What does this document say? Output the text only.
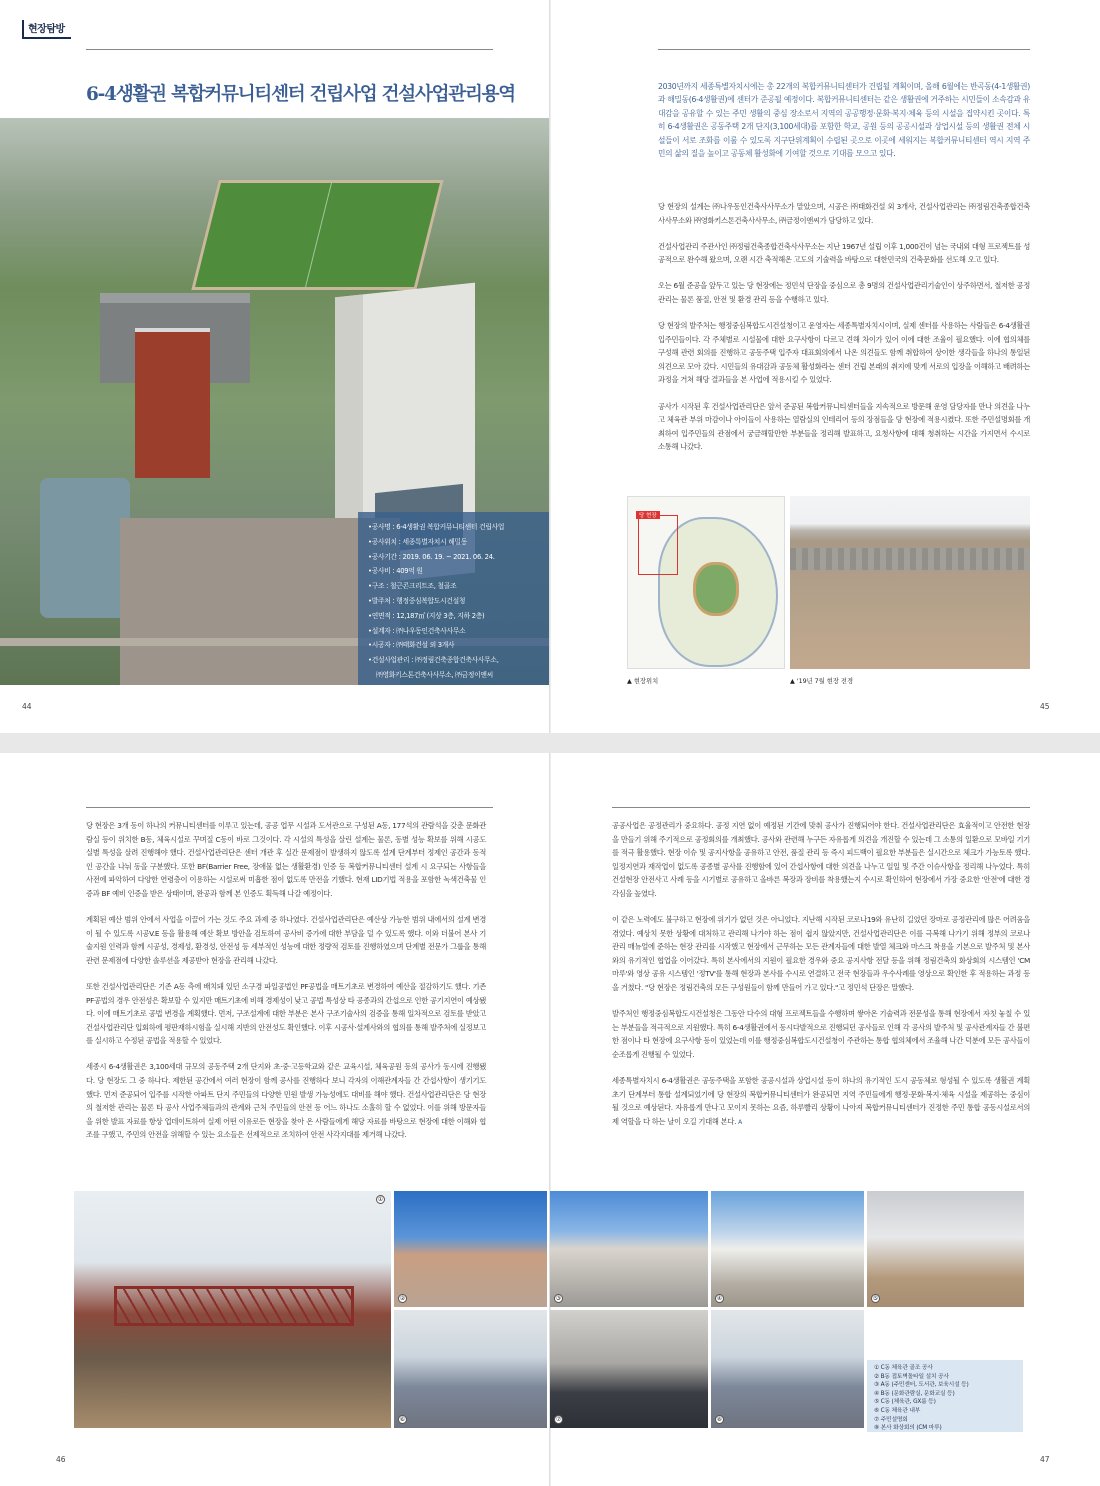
현장탐방
6-4생활권 복합커뮤니티센터 건립사업 건설사업관리용역
•공사명 : 6-4생활권 복합커뮤니티센터 건립사업
•공사위치 : 세종특별자치시 해밀동
•공사기간 : 2019. 06. 19. ~ 2021. 06. 24.
•공사비 : 409억 원
•구조 : 철근콘크리트조, 철골조
•발주처 : 행정중심복합도시건설청
•연면적 : 12,187㎡ (지상 3층, 지하 2층)
•설계자 : ㈜나우동인건축사사무소
•시공자 : ㈜태화건설 외 3개사
•건설사업관리 : ㈜정림건축종합건축사사무소,
㈜영화키스톤건축사사무소, ㈜금정이앤씨
44

2030년까지 세종특별자치시에는 총 22개의 복합커뮤니티센터가 건립될 계획이며, 올해 6월에는 반곡동(4-1생활권)과 해밀동(6-4생활권)에 센터가 준공될 예정이다. 복합커뮤니티센터는 같은 생활권에 거주하는 시민들이 소속감과 유대감을 공유할 수 있는 주민 생활의 중심 장소로서 지역의 공공행정·문화·복지·체육 등의 시설을 집약시킨 곳이다. 특히 6-4생활권은 공동주택 2개 단지(3,100세대)를 포함한 학교, 공원 등의 공공시설과 상업시설 등의 생활권 전체 시설들이 서로 조화를 이룰 수 있도록 지구단위계획이 수립된 곳으로 이곳에 세워지는 복합커뮤니티센터 역시 지역 주민의 삶의 질을 높이고 공동체 활성화에 기여할 것으로 기대를 모으고 있다.

당 현장의 설계는 ㈜나우동인건축사사무소가 맡았으며, 시공은 ㈜태화건설 외 3개사, 건설사업관리는 ㈜정림건축종합건축사사무소와 ㈜영화키스톤건축사사무소, ㈜금정이앤씨가 담당하고 있다.

건설사업관리 주관사인 ㈜정림건축종합건축사사무소는 지난 1967년 설립 이후 1,000건이 넘는 국내외 대형 프로젝트를 성공적으로 완수해 왔으며, 오랜 시간 축적해온 고도의 기술력을 바탕으로 대한민국의 건축문화를 선도해 오고 있다.

오는 6월 준공을 앞두고 있는 당 현장에는 정민석 단장을 중심으로 총 9명의 건설사업관리기술인이 상주하면서, 철저한 공정 관리는 물론 품질, 안전 및 환경 관리 등을 수행하고 있다.

당 현장의 발주처는 행정중심복합도시건설청이고 운영자는 세종특별자치시이며, 실제 센터를 사용하는 사람들은 6-4생활권 입주민들이다. 각 주체별로 시설물에 대한 요구사항이 다르고 견해 차이가 있어 이에 대한 조율이 필요했다. 이에 협의체를 구성해 관련 회의를 진행하고 공동주택 입주자 대표회의에서 나온 의견들도 함께 취합하여 상이한 생각들을 하나의 통일된 의견으로 모아 갔다. 시민들의 유대감과 공동체 활성화라는 센터 건립 본래의 취지에 맞게 서로의 입장을 이해하고 배려하는 과정을 거쳐 해당 결과들을 본 사업에 적용시킬 수 있었다.

공사가 시작된 후 건설사업관리단은 앞서 준공된 복합커뮤니티센터들을 지속적으로 방문해 운영 담당자를 만나 의견을 나누고 체육관 부위 마감이나 아이들이 사용하는 열람실의 인테리어 등의 장점들을 당 현장에 적용시켰다. 또한 주민설명회를 개최하여 입주민들의 관점에서 궁금해할만한 부분들을 정리해 발표하고, 요청사항에 대해 청취하는 시간을 가지면서 수시로 소통해 나갔다.

당 현장
▲ 현장위치	▲ '19년 7월 현장 전경
45

당 현장은 3개 동이 하나의 커뮤니티센터를 이루고 있는데, 공공 업무 시설과 도서관으로 구성된 A동, 177석의 관람석을 갖춘 문화관람실 등이 위치한 B동, 체육시설로 꾸며질 C동이 바로 그것이다. 각 시설의 특성을 살린 설계는 물론, 동별 성능 확보를 위해 시공도 실별 특성을 살려 진행해야 했다. 건설사업관리단은 센터 개관 후 실간 문제점이 발생하지 않도록 설계 단계부터 정제인 공간과 동적인 공간을 나눠 동을 구분했다. 또한 BF(Barrier Free, 장애물 없는 생활환경) 인증 등 복합커뮤니티센터 설계 시 요구되는 사항들을 사전에 파악하여 다양한 연령층이 이용하는 시설로써 미흡한 점이 없도록 만전을 기했다. 현재 LID기법 적용을 포함한 녹색건축물 인증과 BF 예비 인증을 받은 상태이며, 완공과 함께 본 인증도 획득해 나갈 예정이다.

계획된 예산 범위 안에서 사업을 이끌어 가는 것도 주요 과제 중 하나였다. 건설사업관리단은 예산상 가능한 범위 내에서의 설계 변경이 될 수 있도록 시공V.E 등을 활용해 예산 확보 방안을 검토하여 공사비 증가에 대한 부담을 덜 수 있도록 했다. 이와 더불어 본사 기술지원 인력과 함께 시공성, 경제성, 환경성, 안전성 등 세부적인 성능에 대한 정량적 검토를 진행하였으며 단계별 전문가 그룹을 통해 관련 문제점에 다양한 솔루션을 제공받아 현장을 관리해 나갔다.

또한 건설사업관리단은 기존 A동 측에 배치돼 있던 소구경 파일공법인 PF공법을 매트기초로 변경하여 예산을 절감하기도 했다. 기존 PF공법의 경우 안전성은 확보할 수 있지만 매트기초에 비해 경제성이 낮고 공법 특성상 타 공종과의 간섭으로 인한 공기지연이 예상됐다. 이에 매트기초로 공법 변경을 계획했다. 먼저, 구조설계에 대한 부분은 본사 구조기술사의 검증을 통해 일차적으로 검토를 받았고 건설사업관리단 입회하에 평판재하시험을 실시해 지반의 안전성도 확인했다. 이후 시공사·설계사와의 협의를 통해 발주처에 실정보고를 실시하고 수정된 공법을 적용할 수 있었다.

세종시 6-4생활권은 3,100세대 규모의 공동주택 2개 단지와 초·중·고등학교와 같은 교육시설, 체육공원 등의 공사가 동시에 진행됐다. 당 현장도 그 중 하나다. 제한된 공간에서 여러 현장이 함께 공사를 진행하다 보니 각자의 이해관계자들 간 간섭사항이 생기기도 했다. 먼저 준공되어 입주를 시작한 아파트 단지 주민들의 다양한 민원 발생 가능성에도 대비를 해야 했다. 건설사업관리단은 당 현장의 철저한 관리는 물론 타 공사 사업주체들과의 관계와 근처 주민들의 안전 등 어느 하나도 소홀히 할 수 없었다. 이를 위해 방문자들을 위한 발표 자료를 항상 업데이트하여 실제 어떤 이유로든 현장을 찾아 온 사람들에게 해당 자료를 바탕으로 현장에 대한 이해와 협조를 구했고, 주민의 안전을 위해할 수 있는 요소들은 선제적으로 조치하여 안전 사각지대를 제거해 나갔다.

공공사업은 공정관리가 중요하다. 공정 지연 없이 예정된 기간에 맞춰 공사가 진행되어야 한다. 건설사업관리단은 효율적이고 안전한 현장을 만들기 위해 주기적으로 공정회의를 개최했다. 공사와 관련해 누구든 자유롭게 의견을 개진할 수 있는데 그 소통의 일환으로 모바일 기기를 적극 활용했다. 현장 이슈 및 공지사항을 공유하고 안전, 품질 관리 등 즉시 피드백이 필요한 부분들은 실시간으로 체크가 가능토록 했다. 일정지연과 재작업이 없도록 공종별 공사를 진행함에 있어 간섭사항에 대한 의견을 나누고 일일 및 주간 이슈사항을 정리해 나누었다. 특히 건설현장 안전사고 사례 등을 시기별로 공유하고 올바른 복장과 장비를 착용했는지 수시로 확인하여 현장에서 가장 중요한 '안전'에 대한 경각심을 높였다.

이 같은 노력에도 불구하고 현장에 위기가 없던 것은 아니었다. 지난해 시작된 코로나19와 유난히 길었던 장마로 공정관리에 많은 어려움을 겪었다. 예상치 못한 상황에 대처하고 관리해 나가야 하는 점이 쉽지 않았지만, 건설사업관리단은 이를 극복해 나가기 위해 정부의 코로나 관리 매뉴얼에 준하는 현장 관리를 시작했고 현장에서 근무하는 모든 관계자들에 대한 발열 체크와 마스크 착용을 기본으로 발주처 및 본사와의 유기적인 협업을 이어갔다. 특히 본사에서의 지원이 필요한 경우와 중요 공지사항 전달 등을 위해 정림건축의 화상회의 시스템인 'CM마루'와 영상 공유 시스템인 '정TV'를 통해 현장과 본사를 수시로 연결하고 전국 현장들과 우수사례를 영상으로 확인한 후 적용하는 과정 등을 거쳤다. "당 현장은 정림건축의 모든 구성원들이 함께 만들어 가고 있다."고 정민석 단장은 말했다.

발주처인 행정중심복합도시건설청은 그동안 다수의 대형 프로젝트들을 수행하며 쌓아온 기술력과 전문성을 통해 현장에서 자칫 놓칠 수 있는 부분들을 적극적으로 지원했다. 특히 6-4생활권에서 동시다발적으로 진행되던 공사들로 인해 각 공사의 발주처 및 공사관계자들 간 불편한 점이나 타 현장에 요구사항 등이 있었는데 이를 행정중심복합도시건설청이 주관하는 통합 협의체에서 조율해 나간 덕분에 모든 공사들이 순조롭게 진행될 수 있었다.

세종특별자치시 6-4생활권은 공동주택을 포함한 공공시설과 상업시설 등이 하나의 유기적인 도시 공동체로 형성될 수 있도록 생활권 계획 초기 단계부터 통합 설계되었기에 당 현장의 복합커뮤니티센터가 완공되면 지역 주민들에게 행정·문화·복지·체육 시설을 제공하는 중심이 될 것으로 예상된다. 자유롭게 만나고 모이지 못하는 요즘, 하루빨리 상황이 나아져 복합커뮤니티센터가 진정한 주민 통합 공동시설로서의 제 역할을 다 하는 날이 오길 기대해 본다. A

①
②	③	④	⑤
⑥	⑦	⑧
46	47
① C동 체육관 골조 공사
② B동 접토벽돌타일 설치 공사
③ A동 (주민센터, 도서관, 보육시설 등)
④ B동 (문화관람실, 문화교실 등)
⑤ C동 (체육관, GX룸 등)
⑥ C동 체육관 내부
⑦ 주민설명회
⑧ 본사 화상회의 (CM 마루)
